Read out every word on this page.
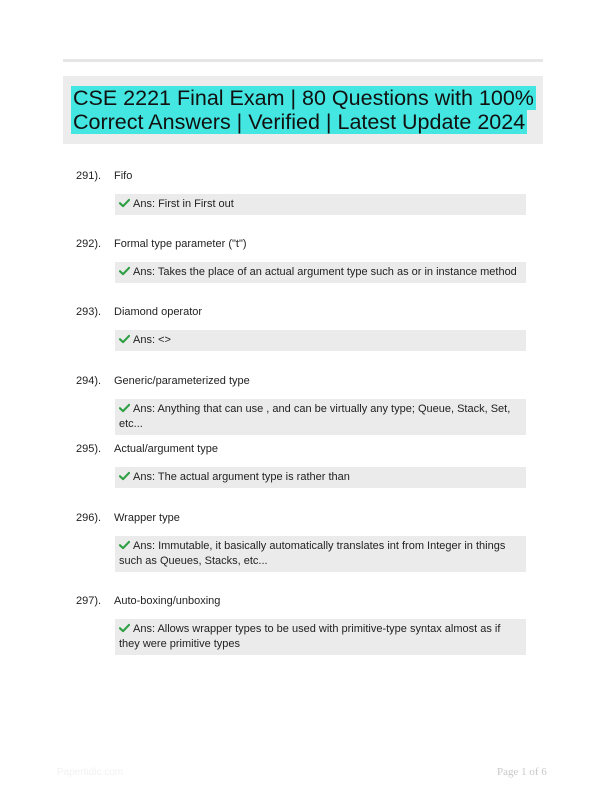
CSE 2221 Final Exam | 80 Questions with 100%
Correct Answers | Verified | Latest Update 2024
291). Fifo
Ans: First in First out
292). Formal type parameter ("t")
Ans: Takes the place of an actual argument type such as or in instance method
293). Diamond operator
Ans: <>
294). Generic/parameterized type
Ans: Anything that can use , and can be virtually any type; Queue, Stack, Set, etc...
295). Actual/argument type
Ans: The actual argument type is rather than
296). Wrapper type
Ans: Immutable, it basically automatically translates int from Integer in things such as Queues, Stacks, etc...
297). Auto-boxing/unboxing
Ans: Allows wrapper types to be used with primitive-type syntax almost as if they were primitive types
Papertidic.com	Page 1 of 6
